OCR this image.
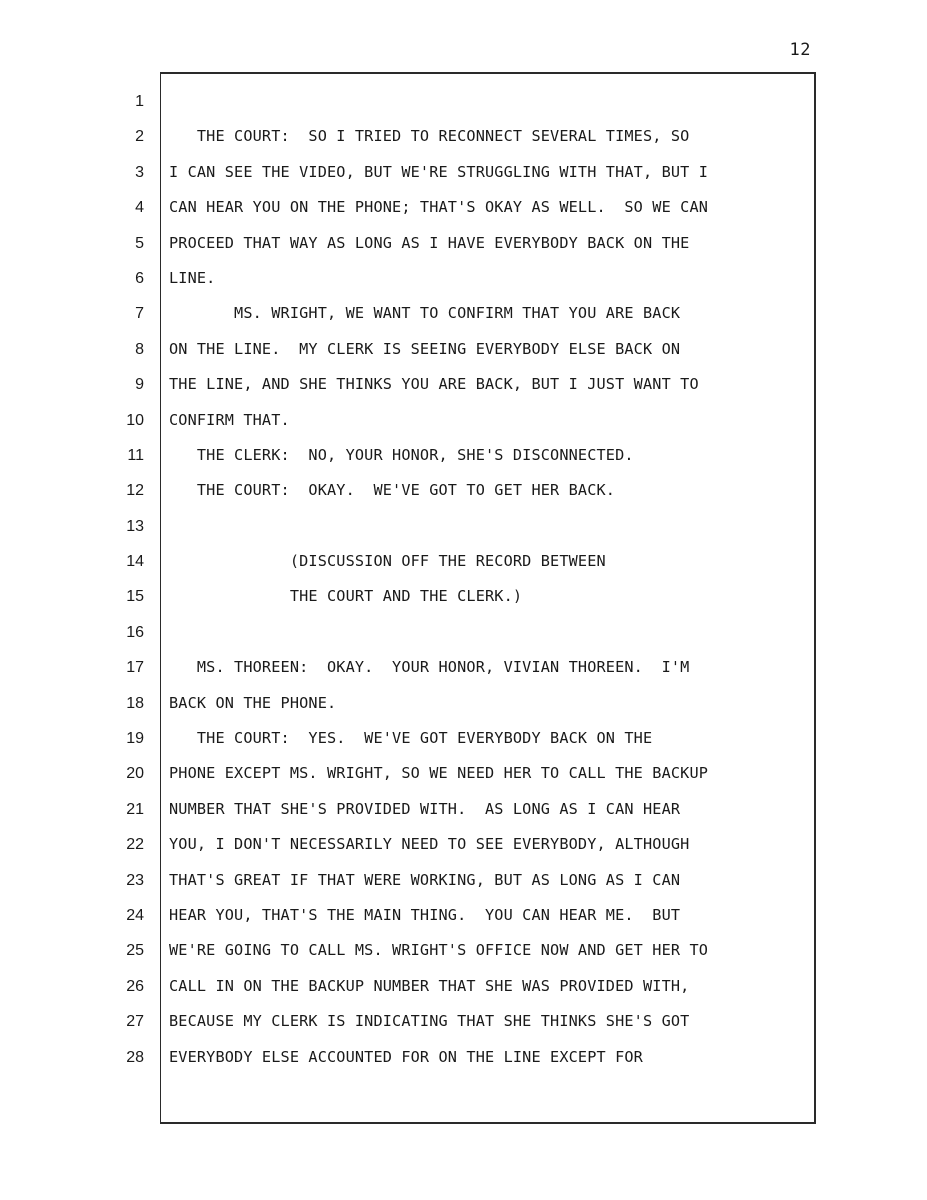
12
1
2
3
4
5
6
7
8
9
10
11
12
13
14
15
16
17
18
19
20
21
22
23
24
25
26
27
28
THE COURT:  SO I TRIED TO RECONNECT SEVERAL TIMES, SO
I CAN SEE THE VIDEO, BUT WE'RE STRUGGLING WITH THAT, BUT I
CAN HEAR YOU ON THE PHONE; THAT'S OKAY AS WELL.  SO WE CAN
PROCEED THAT WAY AS LONG AS I HAVE EVERYBODY BACK ON THE
LINE.
MS. WRIGHT, WE WANT TO CONFIRM THAT YOU ARE BACK
ON THE LINE.  MY CLERK IS SEEING EVERYBODY ELSE BACK ON
THE LINE, AND SHE THINKS YOU ARE BACK, BUT I JUST WANT TO
CONFIRM THAT.
THE CLERK:  NO, YOUR HONOR, SHE'S DISCONNECTED.
THE COURT:  OKAY.  WE'VE GOT TO GET HER BACK.
(DISCUSSION OFF THE RECORD BETWEEN
THE COURT AND THE CLERK.)
MS. THOREEN:  OKAY.  YOUR HONOR, VIVIAN THOREEN.  I'M
BACK ON THE PHONE.
THE COURT:  YES.  WE'VE GOT EVERYBODY BACK ON THE
PHONE EXCEPT MS. WRIGHT, SO WE NEED HER TO CALL THE BACKUP
NUMBER THAT SHE'S PROVIDED WITH.  AS LONG AS I CAN HEAR
YOU, I DON'T NECESSARILY NEED TO SEE EVERYBODY, ALTHOUGH
THAT'S GREAT IF THAT WERE WORKING, BUT AS LONG AS I CAN
HEAR YOU, THAT'S THE MAIN THING.  YOU CAN HEAR ME.  BUT
WE'RE GOING TO CALL MS. WRIGHT'S OFFICE NOW AND GET HER TO
CALL IN ON THE BACKUP NUMBER THAT SHE WAS PROVIDED WITH,
BECAUSE MY CLERK IS INDICATING THAT SHE THINKS SHE'S GOT
EVERYBODY ELSE ACCOUNTED FOR ON THE LINE EXCEPT FOR
